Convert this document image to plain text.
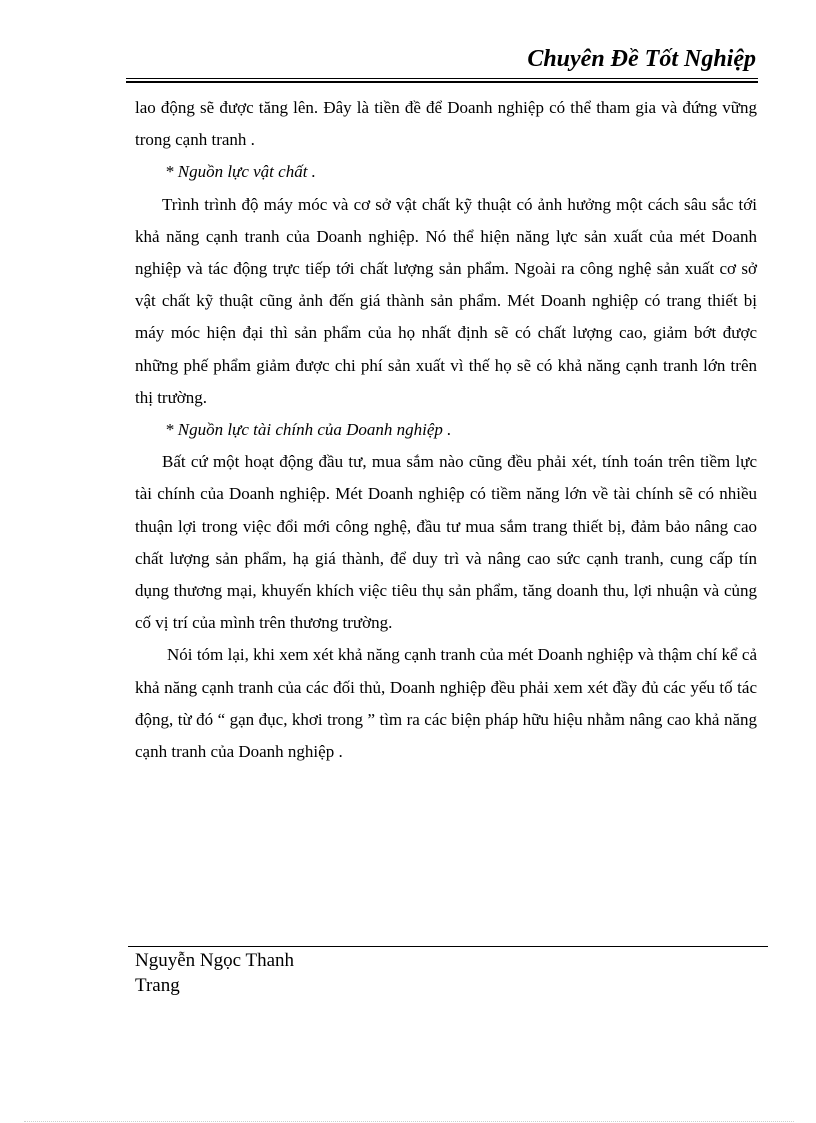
Chuyên Đề Tốt Nghiệp

lao động sẽ được tăng lên. Đây là tiền đề để Doanh nghiệp có thể tham gia và đứng vững trong cạnh tranh .

* Nguồn lực vật chất .

Trình trình độ máy móc và cơ sở vật chất kỹ thuật có ảnh hưởng một cách sâu sắc tới khả năng cạnh tranh của Doanh nghiệp. Nó thể hiện năng lực sản xuất của mét Doanh nghiệp và tác động trực tiếp tới chất lượng sản phẩm. Ngoài ra công nghệ sản xuất cơ sở vật chất kỹ thuật cũng ảnh đến giá thành sản phẩm. Mét Doanh nghiệp có trang thiết bị máy móc hiện đại thì sản phẩm của họ nhất định sẽ có chất lượng cao, giảm bớt được những phế phẩm giảm được chi phí sản xuất vì thế họ sẽ có khả năng cạnh tranh lớn trên thị trường.

* Nguồn lực tài chính của Doanh nghiệp .

Bất cứ một hoạt động đầu tư, mua sắm nào cũng đều phải xét, tính toán trên tiềm lực tài chính của Doanh nghiệp. Mét Doanh nghiệp có tiềm năng lớn về tài chính sẽ có nhiều thuận lợi trong việc đổi mới công nghệ, đầu tư mua sắm trang thiết bị, đảm bảo nâng cao chất lượng sản phẩm, hạ giá thành, để duy trì và nâng cao sức cạnh tranh, cung cấp tín dụng thương mại, khuyến khích việc tiêu thụ sản phẩm, tăng doanh thu, lợi nhuận và củng cố vị trí của mình trên thương trường.

Nói tóm lại, khi xem xét khả năng cạnh tranh của mét Doanh nghiệp và thậm chí kể cả khả năng cạnh tranh của các đối thủ, Doanh nghiệp đều phải xem xét đầy đủ các yếu tố tác động, từ đó “ gạn đục, khơi trong ” tìm ra các biện pháp hữu hiệu nhằm nâng cao khả năng cạnh tranh của Doanh nghiệp .

Nguyễn Ngọc Thanh Trang
